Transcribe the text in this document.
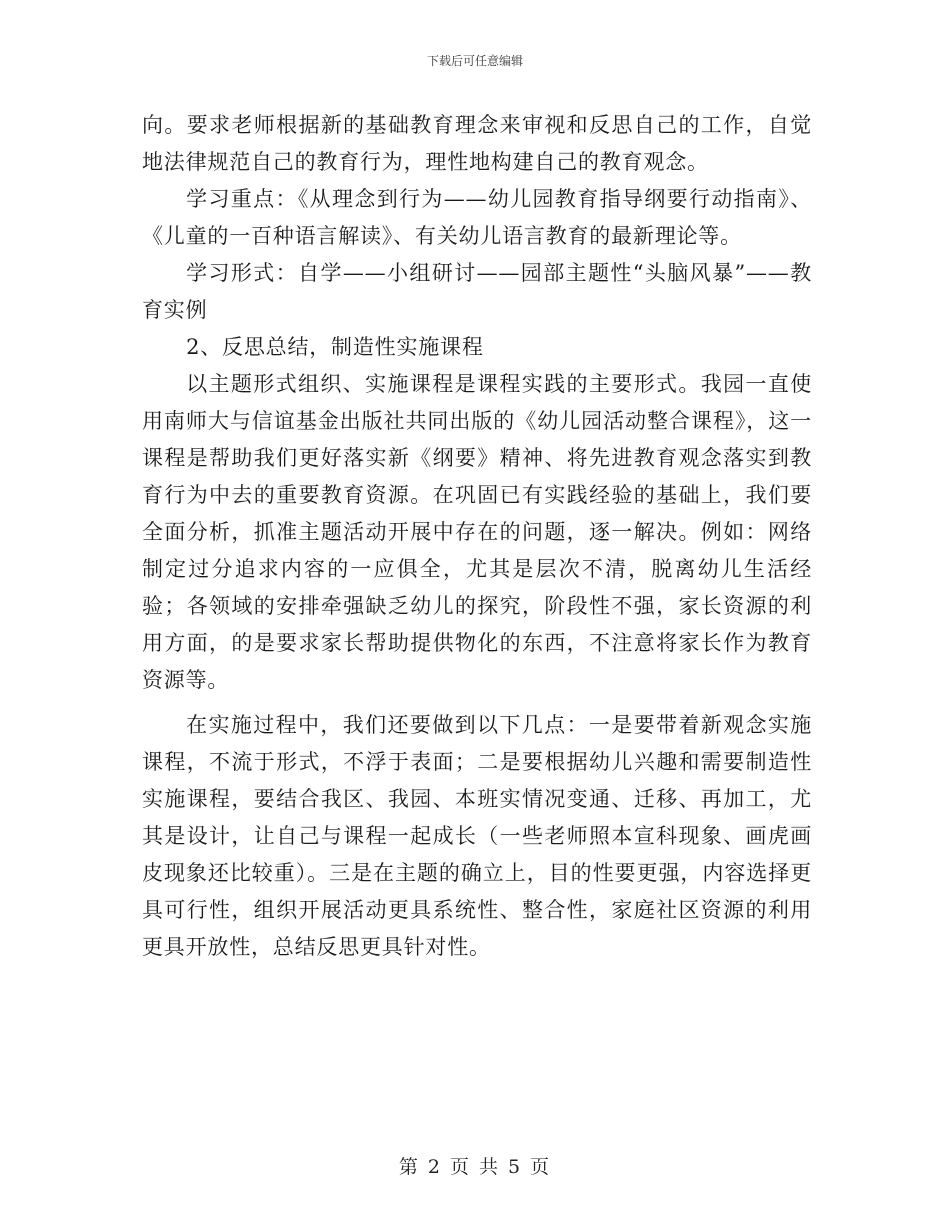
下载后可任意编辑

向。要求老师根据新的基础教育理念来审视和反思自己的工作，自觉地法律规范自己的教育行为，理性地构建自己的教育观念。

学习重点：《从理念到行为——幼儿园教育指导纲要行动指南》、《儿童的一百种语言解读》、有关幼儿语言教育的最新理论等。

学习形式：自学——小组研讨——园部主题性“头脑风暴”——教育实例

2、反思总结，制造性实施课程

以主题形式组织、实施课程是课程实践的主要形式。我园一直使用南师大与信谊基金出版社共同出版的《幼儿园活动整合课程》，这一课程是帮助我们更好落实新《纲要》精神、将先进教育观念落实到教育行为中去的重要教育资源。在巩固已有实践经验的基础上，我们要全面分析，抓准主题活动开展中存在的问题，逐一解决。例如：网络制定过分追求内容的一应俱全，尤其是层次不清，脱离幼儿生活经验；各领域的安排牵强缺乏幼儿的探究，阶段性不强，家长资源的利用方面，的是要求家长帮助提供物化的东西，不注意将家长作为教育资源等。

在实施过程中，我们还要做到以下几点：一是要带着新观念实施课程，不流于形式，不浮于表面；二是要根据幼儿兴趣和需要制造性实施课程，要结合我区、我园、本班实情况变通、迁移、再加工，尤其是设计，让自己与课程一起成长（一些老师照本宣科现象、画虎画皮现象还比较重）。三是在主题的确立上，目的性要更强，内容选择更具可行性，组织开展活动更具系统性、整合性，家庭社区资源的利用更具开放性，总结反思更具针对性。

第 2 页 共 5 页
